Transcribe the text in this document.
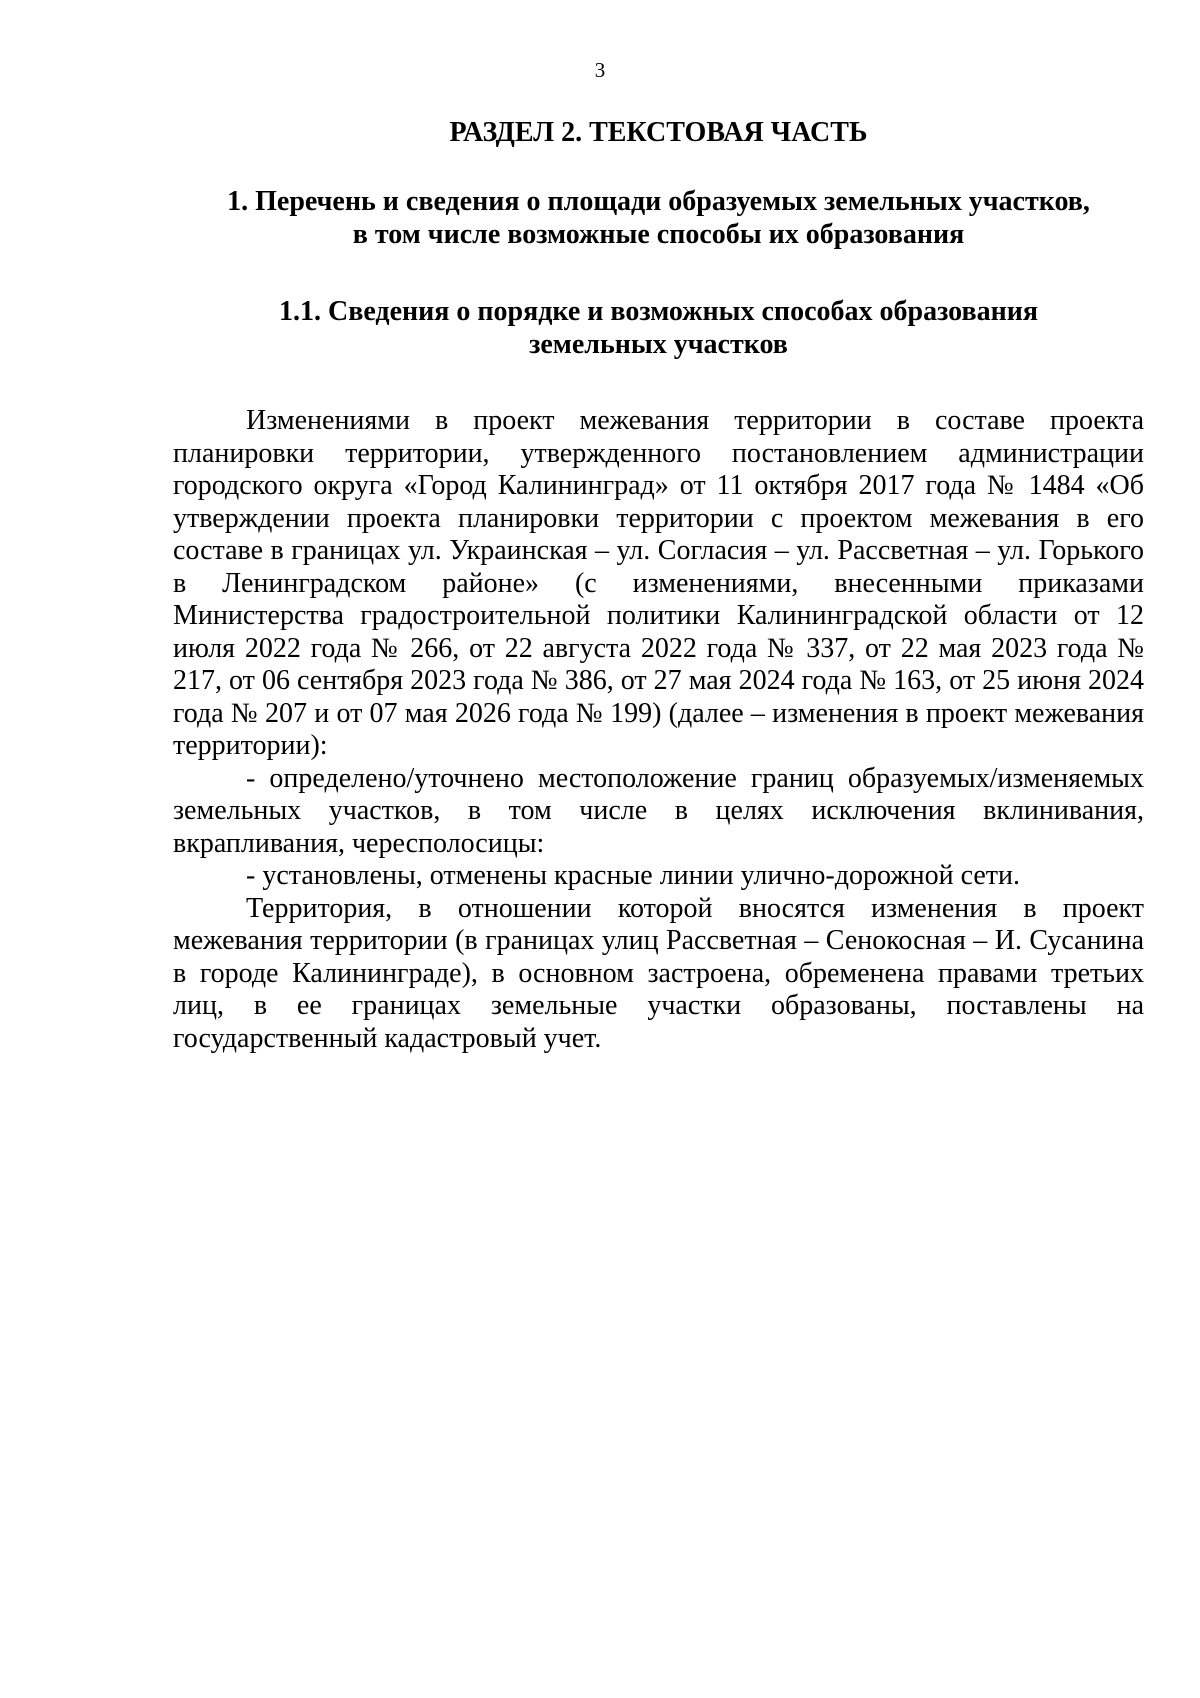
3
РАЗДЕЛ 2. ТЕКСТОВАЯ ЧАСТЬ
1. Перечень и сведения о площади образуемых земельных участков,
в том числе возможные способы их образования
1.1. Сведения о порядке и возможных способах образования
земельных участков

Изменениями в проект межевания территории в составе проекта планировки территории, утвержденного постановлением администрации городского округа «Город Калининград» от 11 октября 2017 года № 1484 «Об утверждении проекта планировки территории с проектом межевания в его составе в границах ул. Украинская – ул. Согласия – ул. Рассветная – ул. Горького в Ленинградском районе» (с изменениями, внесенными приказами Министерства градостроительной политики Калининградской области от 12 июля 2022 года № 266, от 22 августа 2022 года № 337, от 22 мая 2023 года № 217, от 06 сентября 2023 года № 386, от 27 мая 2024 года № 163, от 25 июня 2024 года № 207 и от 07 мая 2026 года № 199) (далее – изменения в проект межевания территории):

- определено/уточнено местоположение границ образуемых/изменяемых земельных участков, в том числе в целях исключения вклинивания, вкрапливания, чересполосицы:

- установлены, отменены красные линии улично-дорожной сети.

Территория, в отношении которой вносятся изменения в проект межевания территории (в границах улиц Рассветная – Сенокосная – И. Сусанина в городе Калининграде), в основном застроена, обременена правами третьих лиц, в ее границах земельные участки образованы, поставлены на государственный кадастровый учет.
